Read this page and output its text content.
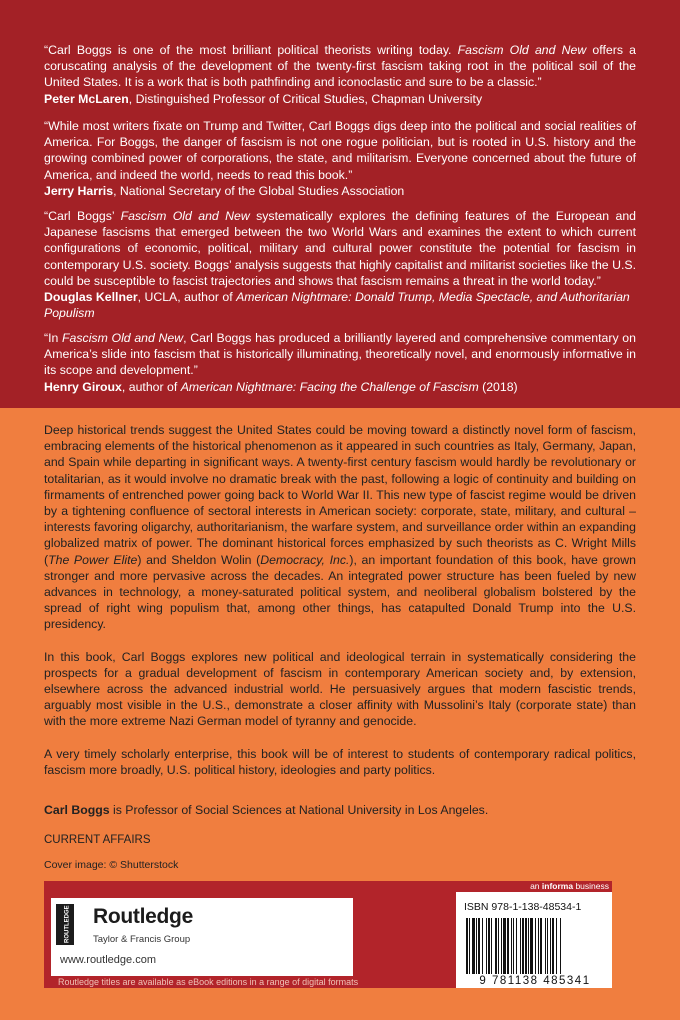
“Carl Boggs is one of the most brilliant political theorists writing today. Fascism Old and New offers a coruscating analysis of the development of the twenty-first fascism taking root in the political soil of the United States. It is a work that is both pathfinding and iconoclastic and sure to be a classic.”

Peter McLaren, Distinguished Professor of Critical Studies, Chapman University

“While most writers fixate on Trump and Twitter, Carl Boggs digs deep into the political and social realities of America. For Boggs, the danger of fascism is not one rogue politician, but is rooted in U.S. history and the growing combined power of corporations, the state, and militarism. Everyone concerned about the future of America, and indeed the world, needs to read this book.”

Jerry Harris, National Secretary of the Global Studies Association

“Carl Boggs’ Fascism Old and New systematically explores the defining features of the European and Japanese fascisms that emerged between the two World Wars and examines the extent to which current configurations of economic, political, military and cultural power constitute the potential for fascism in contemporary U.S. society. Boggs’ analysis suggests that highly capitalist and militarist societies like the U.S. could be susceptible to fascist trajectories and shows that fascism remains a threat in the world today.”

Douglas Kellner, UCLA, author of American Nightmare: Donald Trump, Media Spectacle, and Authoritarian Populism

“In Fascism Old and New, Carl Boggs has produced a brilliantly layered and comprehensive commentary on America’s slide into fascism that is historically illuminating, theoretically novel, and enormously informative in its scope and development.”

Henry Giroux, author of American Nightmare: Facing the Challenge of Fascism (2018)

Deep historical trends suggest the United States could be moving toward a distinctly novel form of fascism, embracing elements of the historical phenomenon as it appeared in such countries as Italy, Germany, Japan, and Spain while departing in significant ways. A twenty-first century fascism would hardly be revolutionary or totalitarian, as it would involve no dramatic break with the past, following a logic of continuity and building on firmaments of entrenched power going back to World War II. This new type of fascist regime would be driven by a tightening confluence of sectoral interests in American society: corporate, state, military, and cultural – interests favoring oligarchy, authoritarianism, the warfare system, and surveillance order within an expanding globalized matrix of power. The dominant historical forces emphasized by such theorists as C. Wright Mills (The Power Elite) and Sheldon Wolin (Democracy, Inc.), an important foundation of this book, have grown stronger and more pervasive across the decades. An integrated power structure has been fueled by new advances in technology, a money-saturated political system, and neoliberal globalism bolstered by the spread of right wing populism that, among other things, has catapulted Donald Trump into the U.S. presidency.

In this book, Carl Boggs explores new political and ideological terrain in systematically considering the prospects for a gradual development of fascism in contemporary American society and, by extension, elsewhere across the advanced industrial world. He persuasively argues that modern fascistic trends, arguably most visible in the U.S., demonstrate a closer affinity with Mussolini’s Italy (corporate state) than with the more extreme Nazi German model of tyranny and genocide.

A very timely scholarly enterprise, this book will be of interest to students of contemporary radical politics, fascism more broadly, U.S. political history, ideologies and party politics.

Carl Boggs is Professor of Social Sciences at National University in Los Angeles.
CURRENT AFFAIRS
Cover image: © Shutterstock
an informa business
ROUTLEDGE Routledge
Taylor & Francis Group
www.routledge.com
Routledge titles are available as eBook editions in a range of digital formats
ISBN 978-1-138-48534-1
9 781138 485341
